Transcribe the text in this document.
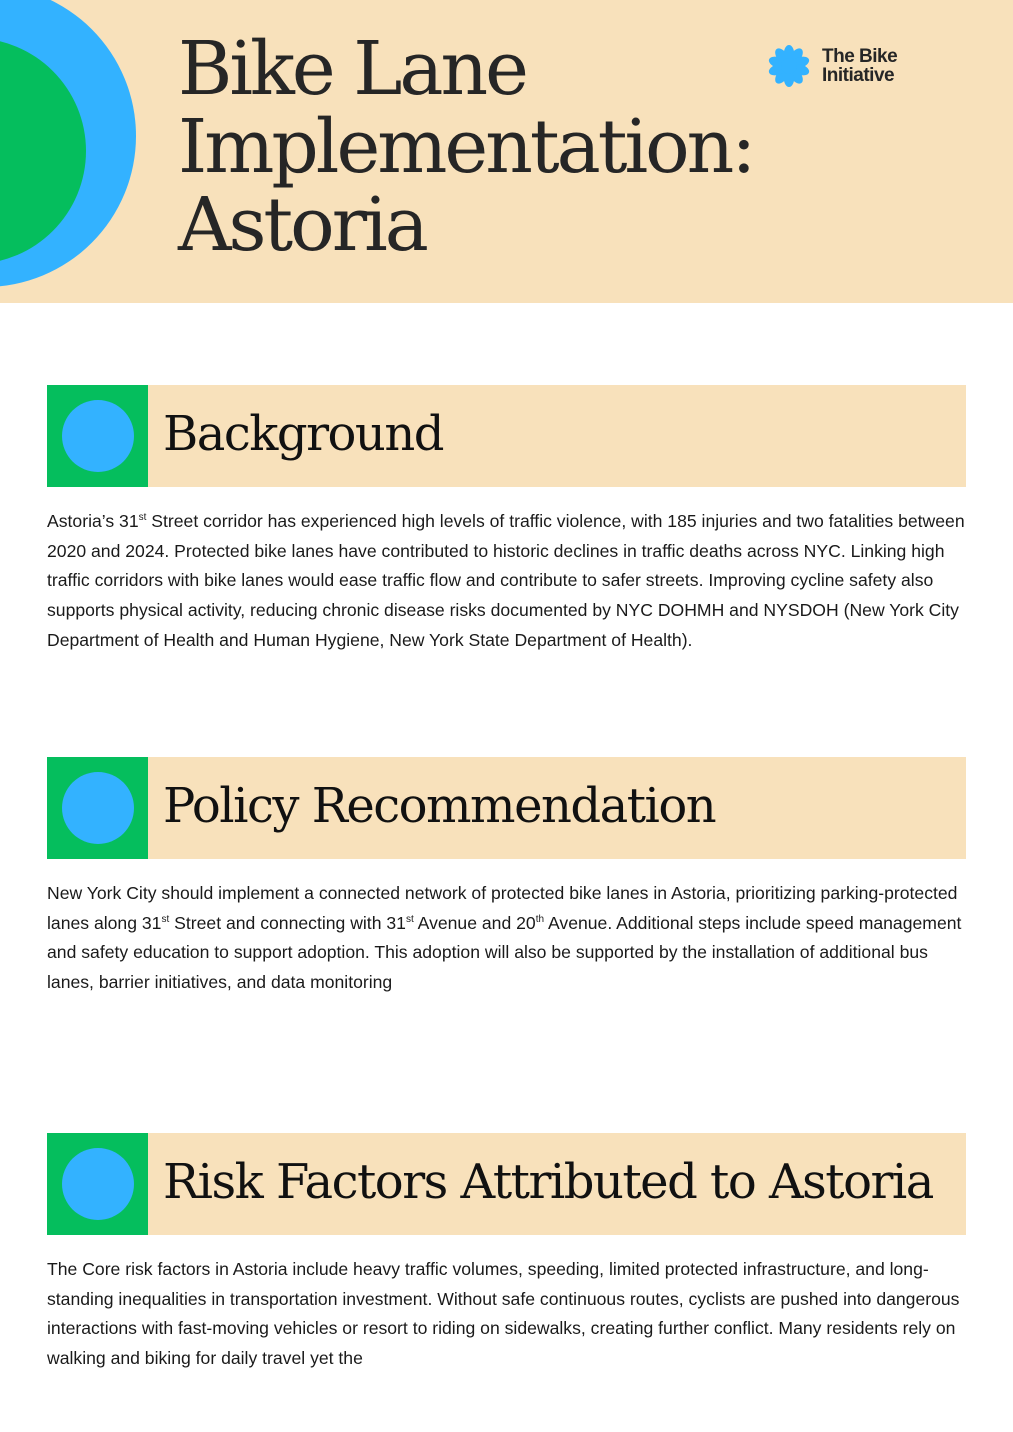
Bike Lane
Implementation:
Astoria
The Bike
Initiative
Background

Astoria’s 31st Street corridor has experienced high levels of traffic violence, with 185 injuries and two fatalities between 2020 and 2024. Protected bike lanes have contributed to historic declines in traffic deaths across NYC. Linking high traffic corridors with bike lanes would ease traffic flow and contribute to safer streets. Improving cycline safety also supports physical activity, reducing chronic disease risks documented by NYC DOHMH and NYSDOH (New York City Department of Health and Human Hygiene, New York State Department of Health).

Policy Recommendation

New York City should implement a connected network of protected bike lanes in Astoria, prioritizing parking-protected lanes along 31st Street and connecting with 31st Avenue and 20th Avenue. Additional steps include speed management and safety education to support adoption. This adoption will also be supported by the installation of additional bus lanes, barrier initiatives, and data monitoring

Risk Factors Attributed to Astoria

The Core risk factors in Astoria include heavy traffic volumes, speeding, limited protected infrastructure, and long-standing inequalities in transportation investment. Without safe continuous routes, cyclists are pushed into dangerous interactions with fast-moving vehicles or resort to riding on sidewalks, creating further conflict. Many residents rely on walking and biking for daily travel yet the
